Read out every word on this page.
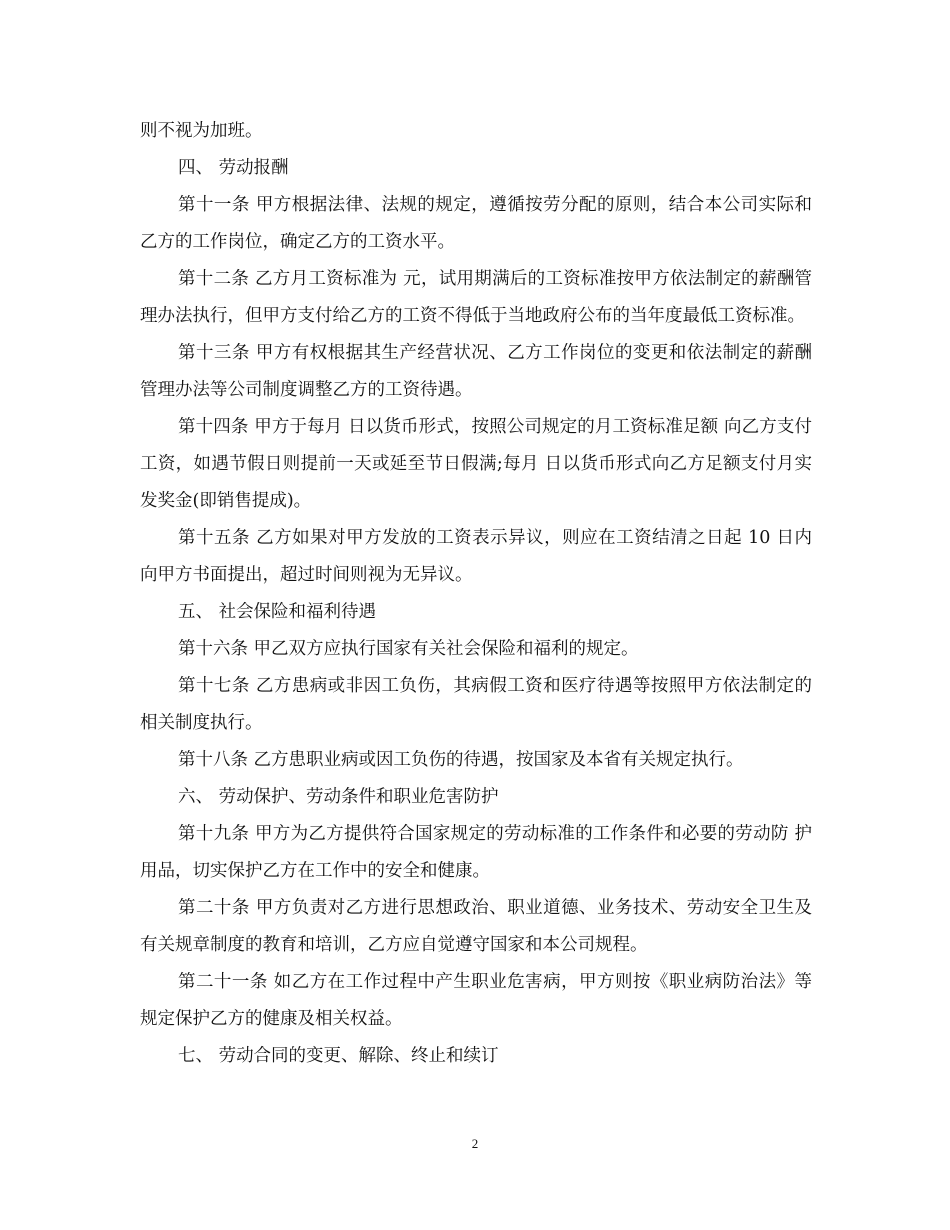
则不视为加班。

四、 劳动报酬

第十一条 甲方根据法律、法规的规定，遵循按劳分配的原则，结合本公司实际和 乙方的工作岗位，确定乙方的工资水平。

第十二条 乙方月工资标准为 元，试用期满后的工资标准按甲方依法制定的薪酬管理办法执行，但甲方支付给乙方的工资不得低于当地政府公布的当年度最低工资标准。

第十三条 甲方有权根据其生产经营状况、乙方工作岗位的变更和依法制定的薪酬管理办法等公司制度调整乙方的工资待遇。

第十四条 甲方于每月 日以货币形式，按照公司规定的月工资标准足额 向乙方支付工资，如遇节假日则提前一天或延至节日假满;每月 日以货币形式向乙方足额支付月实发奖金(即销售提成)。

第十五条 乙方如果对甲方发放的工资表示异议，则应在工资结清之日起 10 日内 向甲方书面提出，超过时间则视为无异议。

五、 社会保险和福利待遇

第十六条 甲乙双方应执行国家有关社会保险和福利的规定。

第十七条 乙方患病或非因工负伤，其病假工资和医疗待遇等按照甲方依法制定的 相关制度执行。

第十八条 乙方患职业病或因工负伤的待遇，按国家及本省有关规定执行。

六、 劳动保护、劳动条件和职业危害防护

第十九条 甲方为乙方提供符合国家规定的劳动标准的工作条件和必要的劳动防 护用品，切实保护乙方在工作中的安全和健康。

第二十条 甲方负责对乙方进行思想政治、职业道德、业务技术、劳动安全卫生及 有关规章制度的教育和培训，乙方应自觉遵守国家和本公司规程。

第二十一条 如乙方在工作过程中产生职业危害病，甲方则按《职业病防治法》等 规定保护乙方的健康及相关权益。

七、 劳动合同的变更、解除、终止和续订

2
